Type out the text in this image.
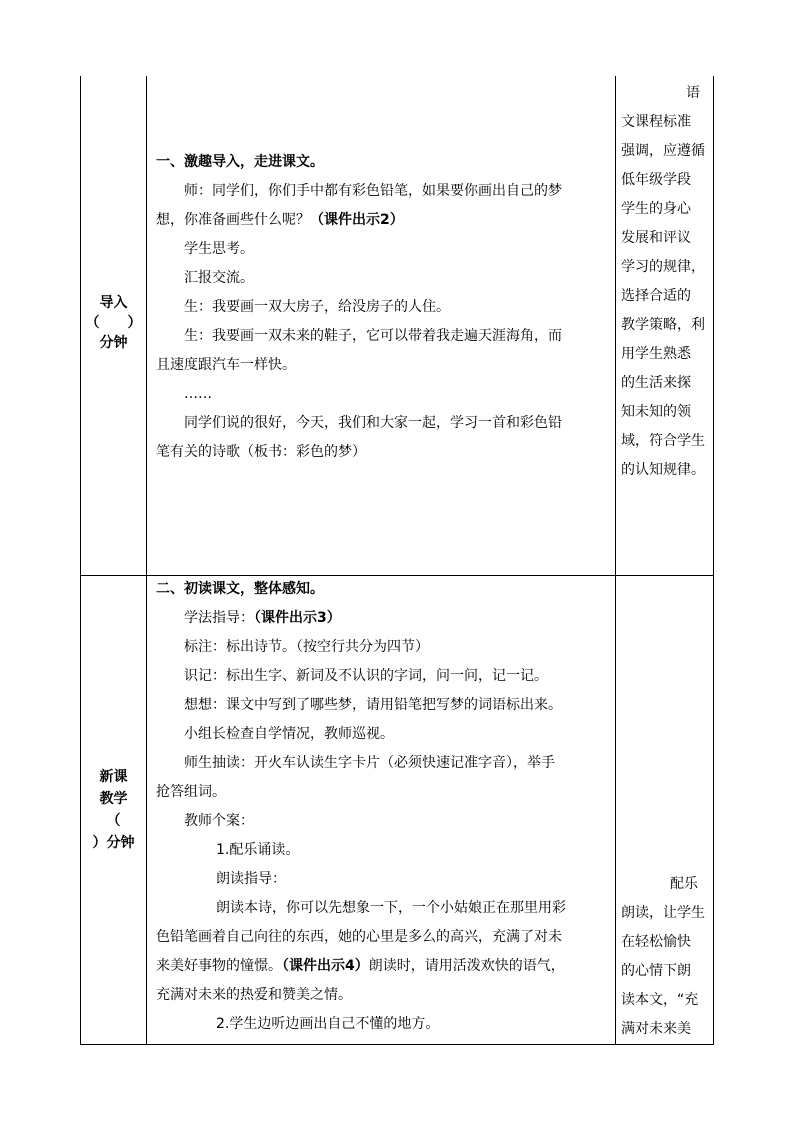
导入
（　　）
分钟
一、激趣导入，走进课文。
师：同学们，你们手中都有彩色铅笔，如果要你画出自己的梦
想，你准备画些什么呢？（课件出示2）
学生思考。
汇报交流。
生：我要画一双大房子，给没房子的人住。
生：我要画一双未来的鞋子，它可以带着我走遍天涯海角，而
且速度跟汽车一样快。
……
同学们说的很好，今天，我们和大家一起，学习一首和彩色铅
笔有关的诗歌（板书：彩色的梦）
语
文课程标准
强调，应遵循
低年级学段
学生的身心
发展和评议
学习的规律，
选择合适的
教学策略，利
用学生熟悉
的生活来探
知未知的领
域，符合学生
的认知规律。
新课
教学
（
）分钟
二、初读课文，整体感知。
学法指导：（课件出示3）
标注：标出诗节。（按空行共分为四节）
识记：标出生字、新词及不认识的字词，问一问，记一记。
想想：课文中写到了哪些梦，请用铅笔把写梦的词语标出来。
小组长检查自学情况，教师巡视。
师生抽读：开火车认读生字卡片（必须快速记准字音），举手
抢答组词。
教师个案：
1.配乐诵读。
朗读指导：
朗读本诗，你可以先想象一下，一个小姑娘正在那里用彩
色铅笔画着自己向往的东西，她的心里是多么的高兴，充满了对未
来美好事物的憧憬。（课件出示4）朗读时，请用活泼欢快的语气，
充满对未来的热爱和赞美之情。
2.学生边听边画出自己不懂的地方。
配乐
朗读，让学生
在轻松愉快
的心情下朗
读本文，“充
满对未来美
